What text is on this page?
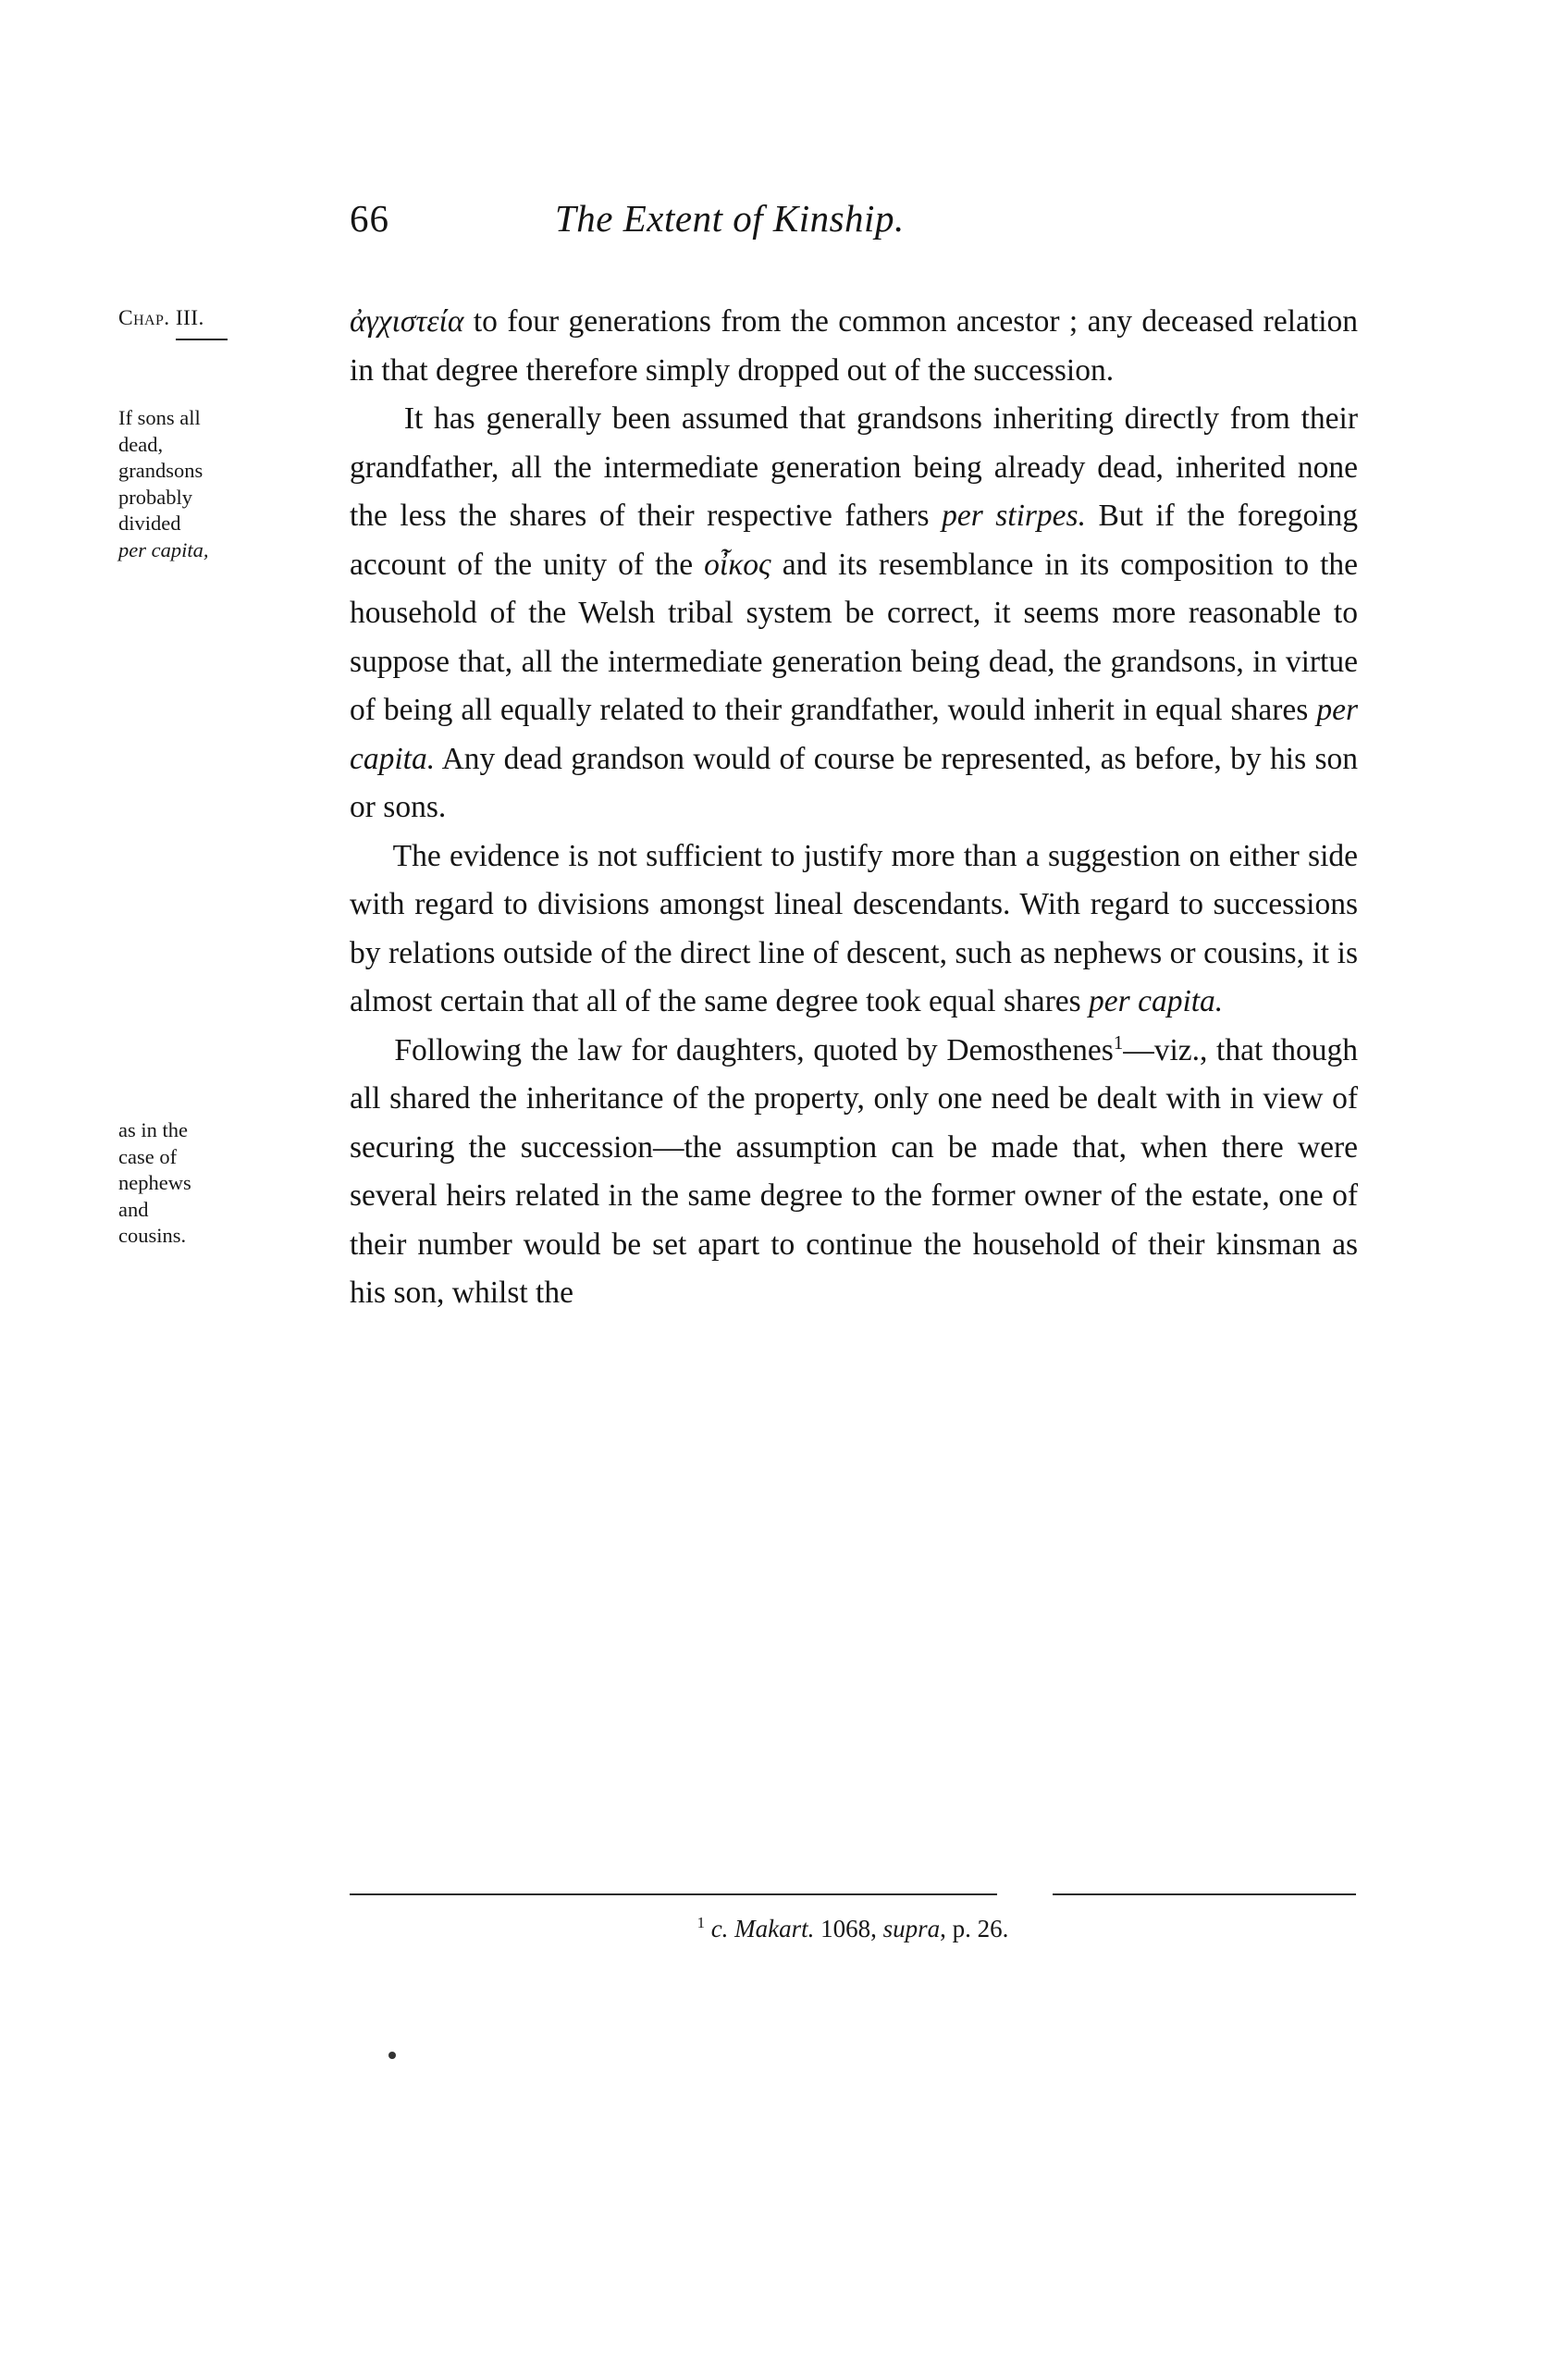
66	The Extent of Kinship.
Chap. III.
If sons all
dead,
grandsons
probably
divided
per capita,
as in the
case of
nephews
and
cousins.

ἀγχιστεία to four generations from the common ancestor ; any deceased relation in that degree therefore simply dropped out of the succession.

It has generally been assumed that grandsons inheriting directly from their grandfather, all the intermediate generation being already dead, inherited none the less the shares of their respective fathers per stirpes. But if the foregoing account of the unity of the οἶκος and its resemblance in its composition to the household of the Welsh tribal system be correct, it seems more reasonable to suppose that, all the intermediate generation being dead, the grandsons, in virtue of being all equally related to their grandfather, would inherit in equal shares per capita. Any dead grandson would of course be represented, as before, by his son or sons.

The evidence is not sufficient to justify more than a suggestion on either side with regard to divisions amongst lineal descendants. With regard to successions by relations outside of the direct line of descent, such as nephews or cousins, it is almost certain that all of the same degree took equal shares per capita.

Following the law for daughters, quoted by Demosthenes$^1$—viz., that though all shared the inheritance of the property, only one need be dealt with in view of securing the succession—the assumption can be made that, when there were several heirs related in the same degree to the former owner of the estate, one of their number would be set apart to continue the household of their kinsman as his son, whilst the

$^1$ c. Makart. 1068, supra, p. 26.
